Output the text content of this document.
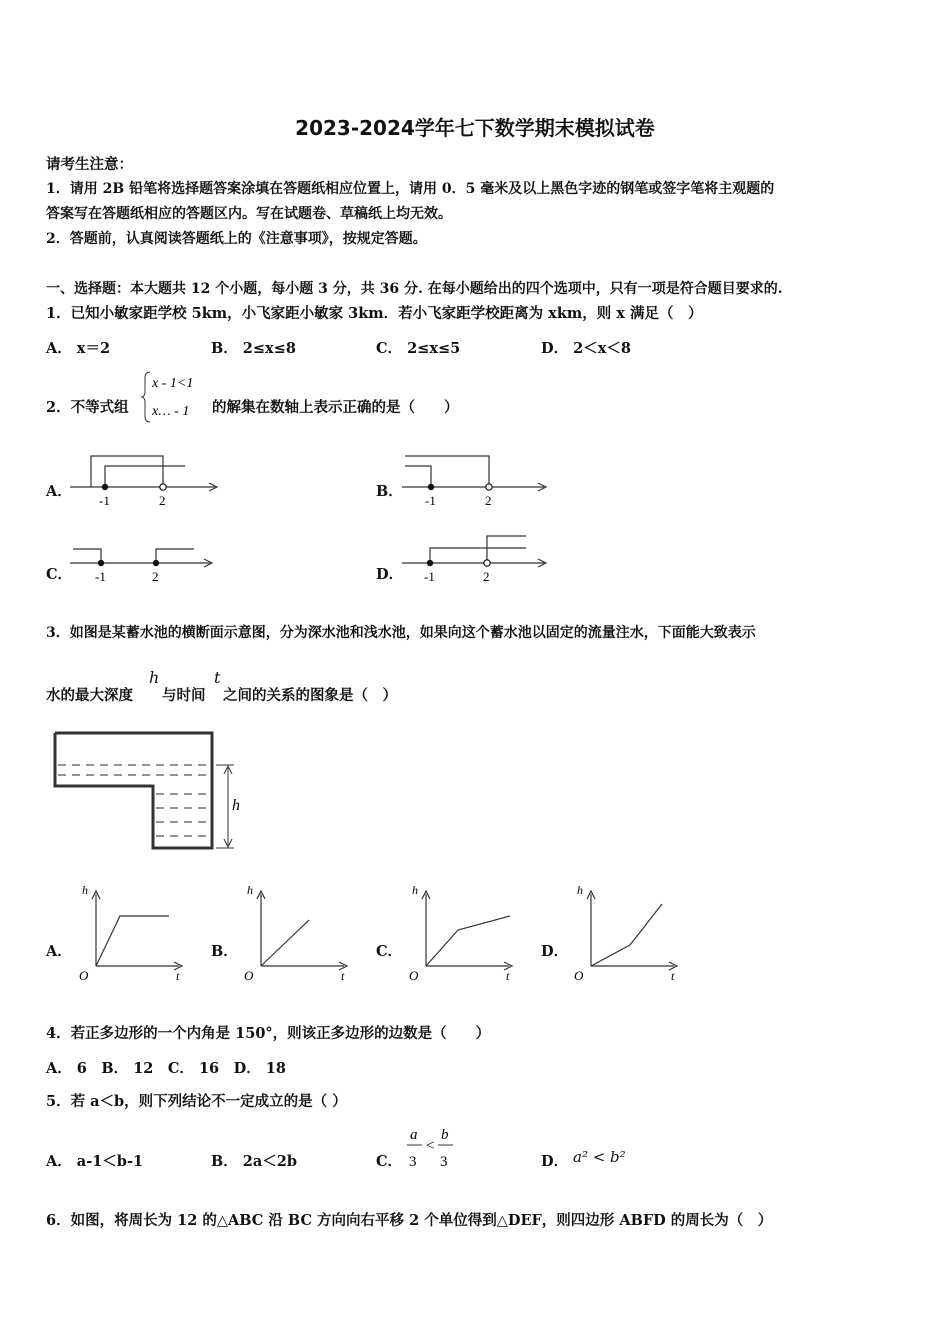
2023-2024学年七下数学期末模拟试卷
请考生注意：
1．请用 2B 铅笔将选择题答案涂填在答题纸相应位置上，请用 0．5 毫米及以上黑色字迹的钢笔或签字笔将主观题的
答案写在答题纸相应的答题区内。写在试题卷、草稿纸上均无效。
2．答题前，认真阅读答题纸上的《注意事项》，按规定答题。
一、选择题：本大题共 12 个小题，每小题 3 分，共 36 分. 在每小题给出的四个选项中，只有一项是符合题目要求的.
1．已知小敏家距学校 5km，小飞家距小敏家 3km．若小飞家距学校距离为 xkm，则 x 满足（　）
A． x＝2	B． 2≤x≤8	C． 2≤x≤5	D． 2＜x＜8
2．不等式组
x - 1<1
x… - 1 的解集在数轴上表示正确的是（　　）
A．
-1	2
B．
-1	2
C． -1	2	D． -1	2
3．如图是某蓄水池的横断面示意图，分为深水池和浅水池，如果向这个蓄水池以固定的流量注水，下面能大致表示
水的最大深度
h
与时间
t
之间的关系的图象是（　）
h
A．
h
t
O
B．
h
t
O
C．
h
t
O
D．
h
t
O
4．若正多边形的一个内角是 150°，则该正多边形的边数是（　　）
A． 6　B． 12　C． 16　D． 18
5．若 a＜b，则下列结论不一定成立的是（ ）
A． a-1＜b-1	B． 2a＜2b	C．
a
3
<
b
3	D． a² < b²
6．如图，将周长为 12 的△ABC 沿 BC 方向向右平移 2 个单位得到△DEF，则四边形 ABFD 的周长为（　）
